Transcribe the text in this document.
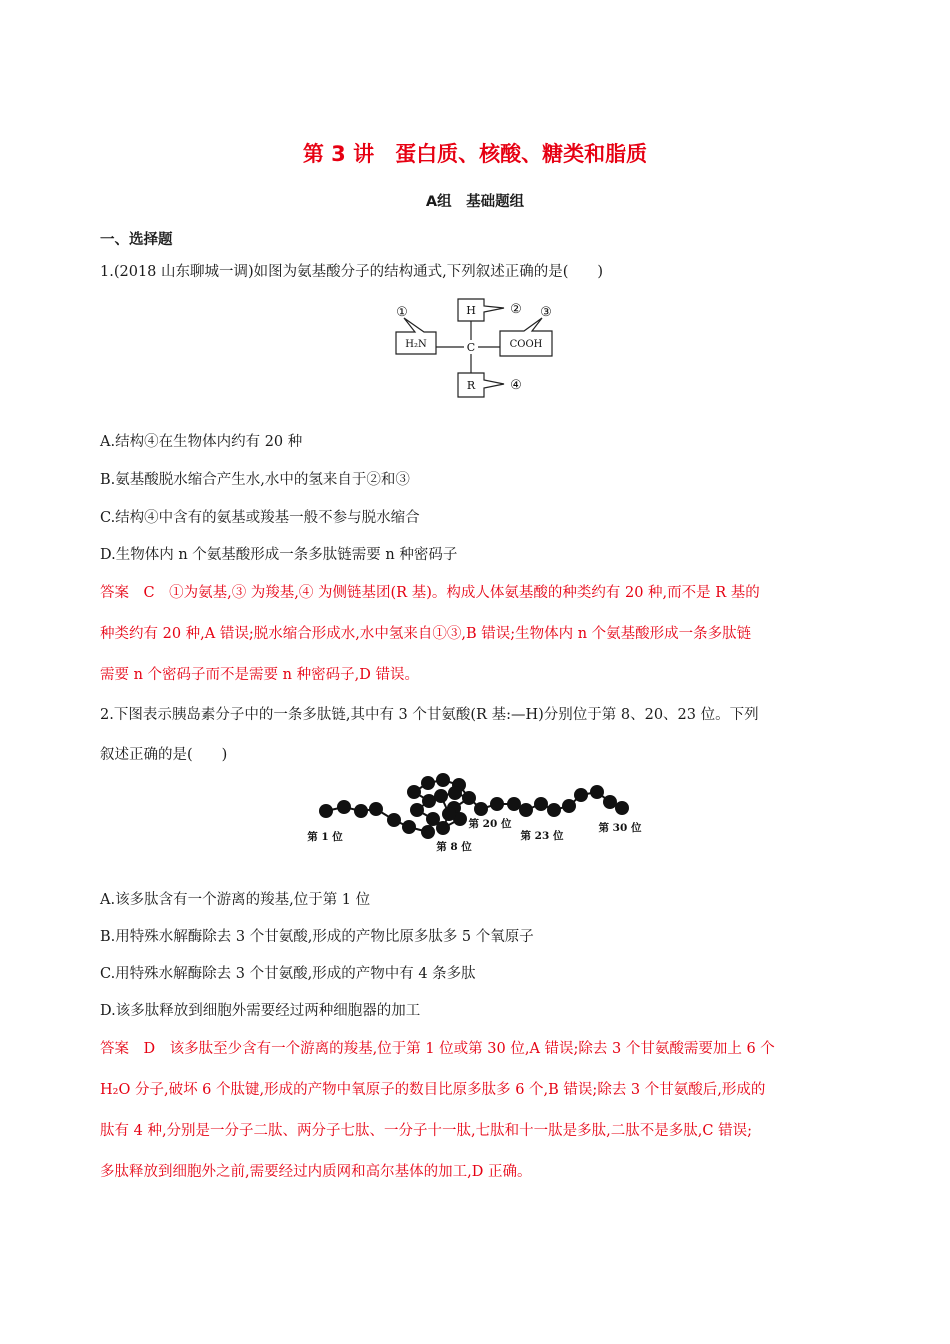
第 3 讲　蛋白质、核酸、糖类和脂质
A组　基础题组
一、选择题
1.(2018 山东聊城一调)如图为氨基酸分子的结构通式,下列叙述正确的是(　　)
C
H₂N
H
COOH
R
①	② ③
④
A.结构④在生物体内约有 20 种
B.氨基酸脱水缩合产生水,水中的氢来自于②和③
C.结构④中含有的氨基或羧基一般不参与脱水缩合
D.生物体内 n 个氨基酸形成一条多肽链需要 n 种密码子
答案　C　①为氨基,③ 为羧基,④ 为侧链基团(R 基)。构成人体氨基酸的种类约有 20 种,而不是 R 基的
种类约有 20 种,A 错误;脱水缩合形成水,水中氢来自①③,B 错误;生物体内 n 个氨基酸形成一条多肽链
需要 n 个密码子而不是需要 n 种密码子,D 错误。
2.下图表示胰岛素分子中的一条多肽链,其中有 3 个甘氨酸(R 基:—H)分别位于第 8、20、23 位。下列
叙述正确的是(　　)
第 1 位
第 8 位
第 20 位
第 23 位
第 30 位
A.该多肽含有一个游离的羧基,位于第 1 位
B.用特殊水解酶除去 3 个甘氨酸,形成的产物比原多肽多 5 个氧原子
C.用特殊水解酶除去 3 个甘氨酸,形成的产物中有 4 条多肽
D.该多肽释放到细胞外需要经过两种细胞器的加工
答案　D　该多肽至少含有一个游离的羧基,位于第 1 位或第 30 位,A 错误;除去 3 个甘氨酸需要加上 6 个
H₂O 分子,破坏 6 个肽键,形成的产物中氧原子的数目比原多肽多 6 个,B 错误;除去 3 个甘氨酸后,形成的
肽有 4 种,分别是一分子二肽、两分子七肽、一分子十一肽,七肽和十一肽是多肽,二肽不是多肽,C 错误;
多肽释放到细胞外之前,需要经过内质网和高尔基体的加工,D 正确。
